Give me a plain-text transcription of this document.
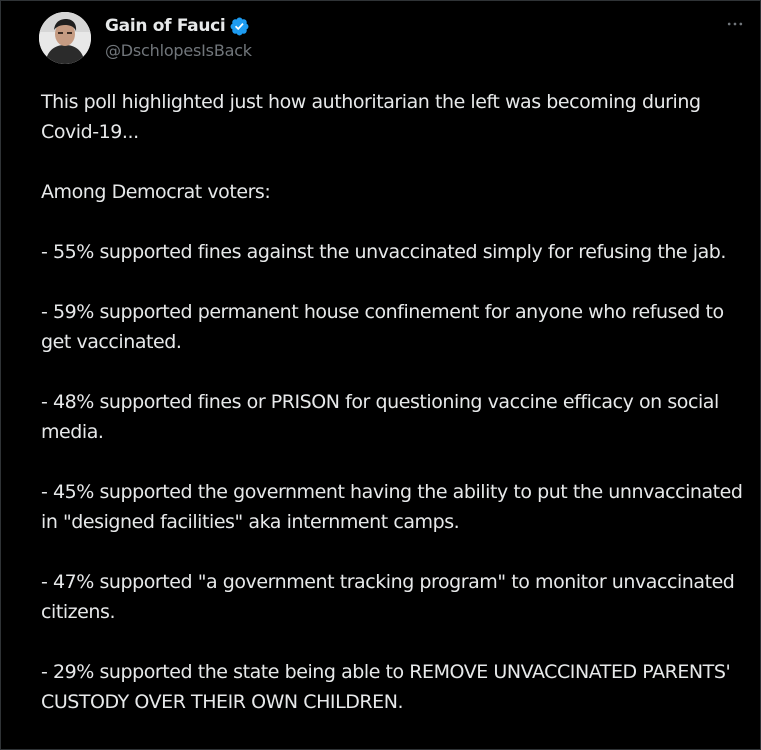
Gain of Fauci
@DschlopesIsBack

This poll highlighted just how authoritarian the left was becoming during Covid-19...

Among Democrat voters:

- 55% supported fines against the unvaccinated simply for refusing the jab.

- 59% supported permanent house confinement for anyone who refused to get vaccinated.

- 48% supported fines or PRISON for questioning vaccine efficacy on social media.

- 45% supported the government having the ability to put the unnvaccinated in "designed facilities" aka internment camps.

- 47% supported "a government tracking program" to monitor unvaccinated citizens.

- 29% supported the state being able to REMOVE UNVACCINATED PARENTS' CUSTODY OVER THEIR OWN CHILDREN.
